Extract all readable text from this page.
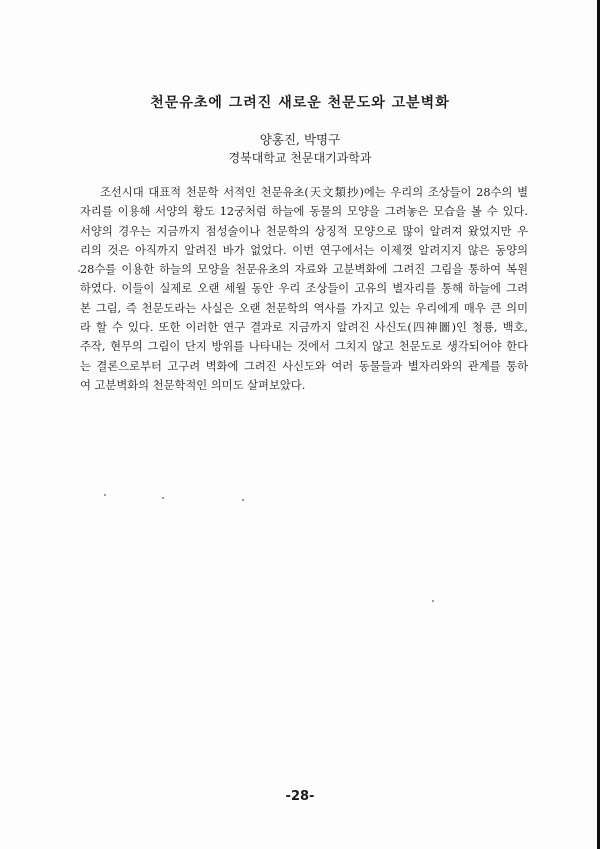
천문유초에 그려진 새로운 천문도와 고분벽화
양홍진, 박명구
경북대학교 천문대기과학과
조선시대 대표적 천문학 서적인 천문유초(天文類抄)에는 우리의 조상들이 28수의 별
자리를 이용해 서양의 황도 12궁처럼 하늘에 동물의 모양을 그려놓은 모습을 볼 수 있다.
서양의 경우는 지금까지 점성술이나 천문학의 상징적 모양으로 많이 알려져 왔었지만 우
리의 것은 아직까지 알려진 바가 없었다. 이번 연구에서는 이제껏 알려지지 않은 동양의
28수를 이용한 하늘의 모양을 천문유초의 자료와 고분벽화에 그려진 그림을 통하여 복원
하였다. 이들이 실제로 오랜 세월 동안 우리 조상들이 고유의 별자리를 통해 하늘에 그려
본 그림, 즉 천문도라는 사실은 오랜 천문학의 역사를 가지고 있는 우리에게 매우 큰 의미
라 할 수 있다. 또한 이러한 연구 결과로 지금까지 알려진 사신도(四神圖)인 청룡, 백호,
주작, 현무의 그림이 단지 방위를 나타내는 것에서 그치지 않고 천문도로 생각되어야 한다
는 결론으로부터 고구려 벽화에 그려진 사신도와 여러 동물들과 별자리와의 관계를 통하
여 고분벽화의 천문학적인 의미도 살펴보았다.
-28-
